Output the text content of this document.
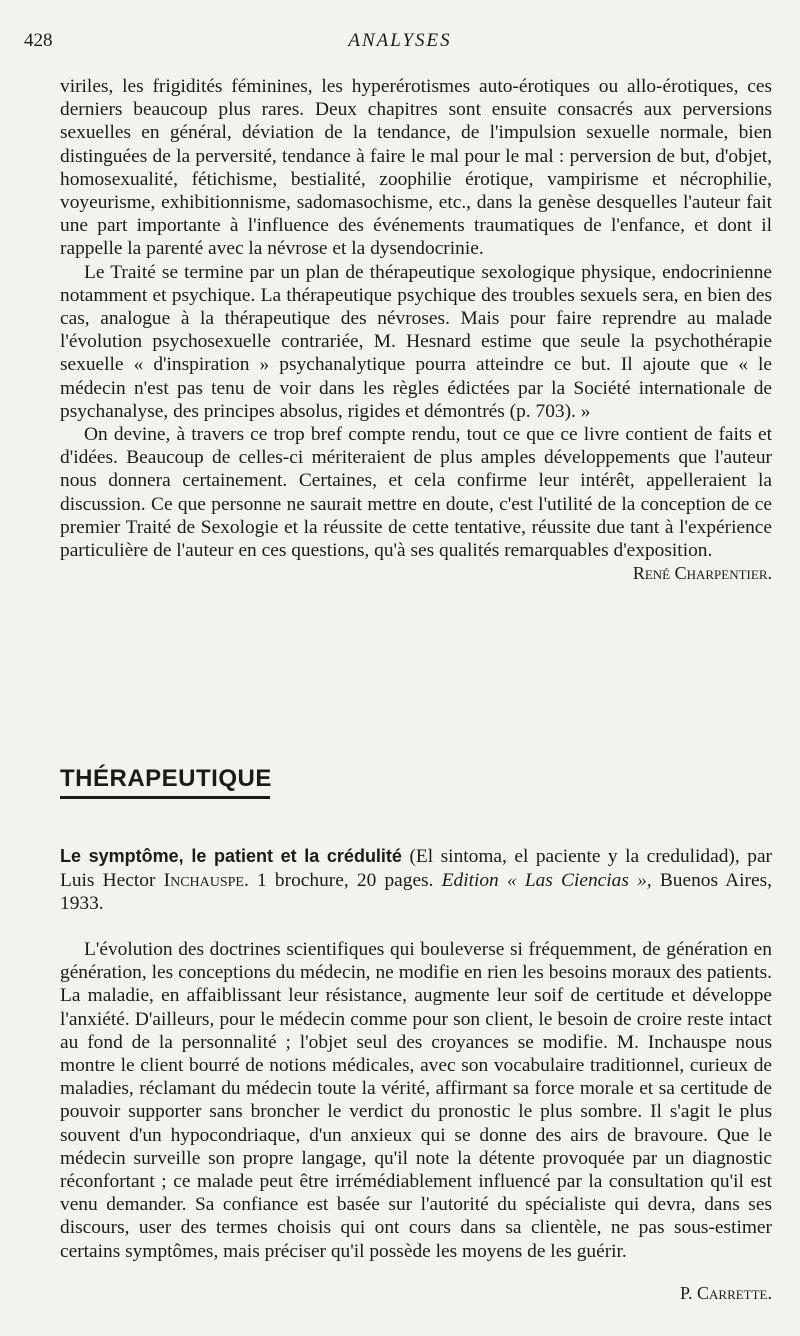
428	ANALYSES

viriles, les frigidités féminines, les hyperérotismes auto-érotiques ou allo-érotiques, ces derniers beaucoup plus rares. Deux chapitres sont ensuite consacrés aux perversions sexuelles en général, déviation de la tendance, de l'impulsion sexuelle normale, bien distinguées de la perversité, tendance à faire le mal pour le mal : perversion de but, d'objet, homosexualité, fétichisme, bestialité, zoophilie érotique, vampirisme et nécrophilie, voyeurisme, exhibitionnisme, sadomasochisme, etc., dans la genèse desquelles l'auteur fait une part importante à l'influence des événements traumatiques de l'enfance, et dont il rappelle la parenté avec la névrose et la dysendocrinie.

Le Traité se termine par un plan de thérapeutique sexologique physique, endocrinienne notamment et psychique. La thérapeutique psychique des troubles sexuels sera, en bien des cas, analogue à la thérapeutique des névroses. Mais pour faire reprendre au malade l'évolution psychosexuelle contrariée, M. Hesnard estime que seule la psychothérapie sexuelle « d'inspiration » psychanalytique pourra atteindre ce but. Il ajoute que « le médecin n'est pas tenu de voir dans les règles édictées par la Société internationale de psychanalyse, des principes absolus, rigides et démontrés (p. 703). »

On devine, à travers ce trop bref compte rendu, tout ce que ce livre contient de faits et d'idées. Beaucoup de celles-ci mériteraient de plus amples développements que l'auteur nous donnera certainement. Certaines, et cela confirme leur intérêt, appelleraient la discussion. Ce que personne ne saurait mettre en doute, c'est l'utilité de la conception de ce premier Traité de Sexologie et la réussite de cette tentative, réussite due tant à l'expérience particulière de l'auteur en ces questions, qu'à ses qualités remarquables d'exposition.

René Charpentier.

THÉRAPEUTIQUE

Le symptôme, le patient et la crédulité (El sintoma, el paciente y la credulidad), par Luis Hector Inchauspe. 1 brochure, 20 pages. Edition « Las Ciencias », Buenos Aires, 1933.

L'évolution des doctrines scientifiques qui bouleverse si fréquemment, de génération en génération, les conceptions du médecin, ne modifie en rien les besoins moraux des patients. La maladie, en affaiblissant leur résistance, augmente leur soif de certitude et développe l'anxiété. D'ailleurs, pour le médecin comme pour son client, le besoin de croire reste intact au fond de la personnalité ; l'objet seul des croyances se modifie. M. Inchauspe nous montre le client bourré de notions médicales, avec son vocabulaire traditionnel, curieux de maladies, réclamant du médecin toute la vérité, affirmant sa force morale et sa certitude de pouvoir supporter sans broncher le verdict du pronostic le plus sombre. Il s'agit le plus souvent d'un hypocondriaque, d'un anxieux qui se donne des airs de bravoure. Que le médecin surveille son propre langage, qu'il note la détente provoquée par un diagnostic réconfortant ; ce malade peut être irrémédiablement influencé par la consultation qu'il est venu demander. Sa confiance est basée sur l'autorité du spécialiste qui devra, dans ses discours, user des termes choisis qui ont cours dans sa clientèle, ne pas sous-estimer certains symptômes, mais préciser qu'il possède les moyens de les guérir.

P. Carrette.
